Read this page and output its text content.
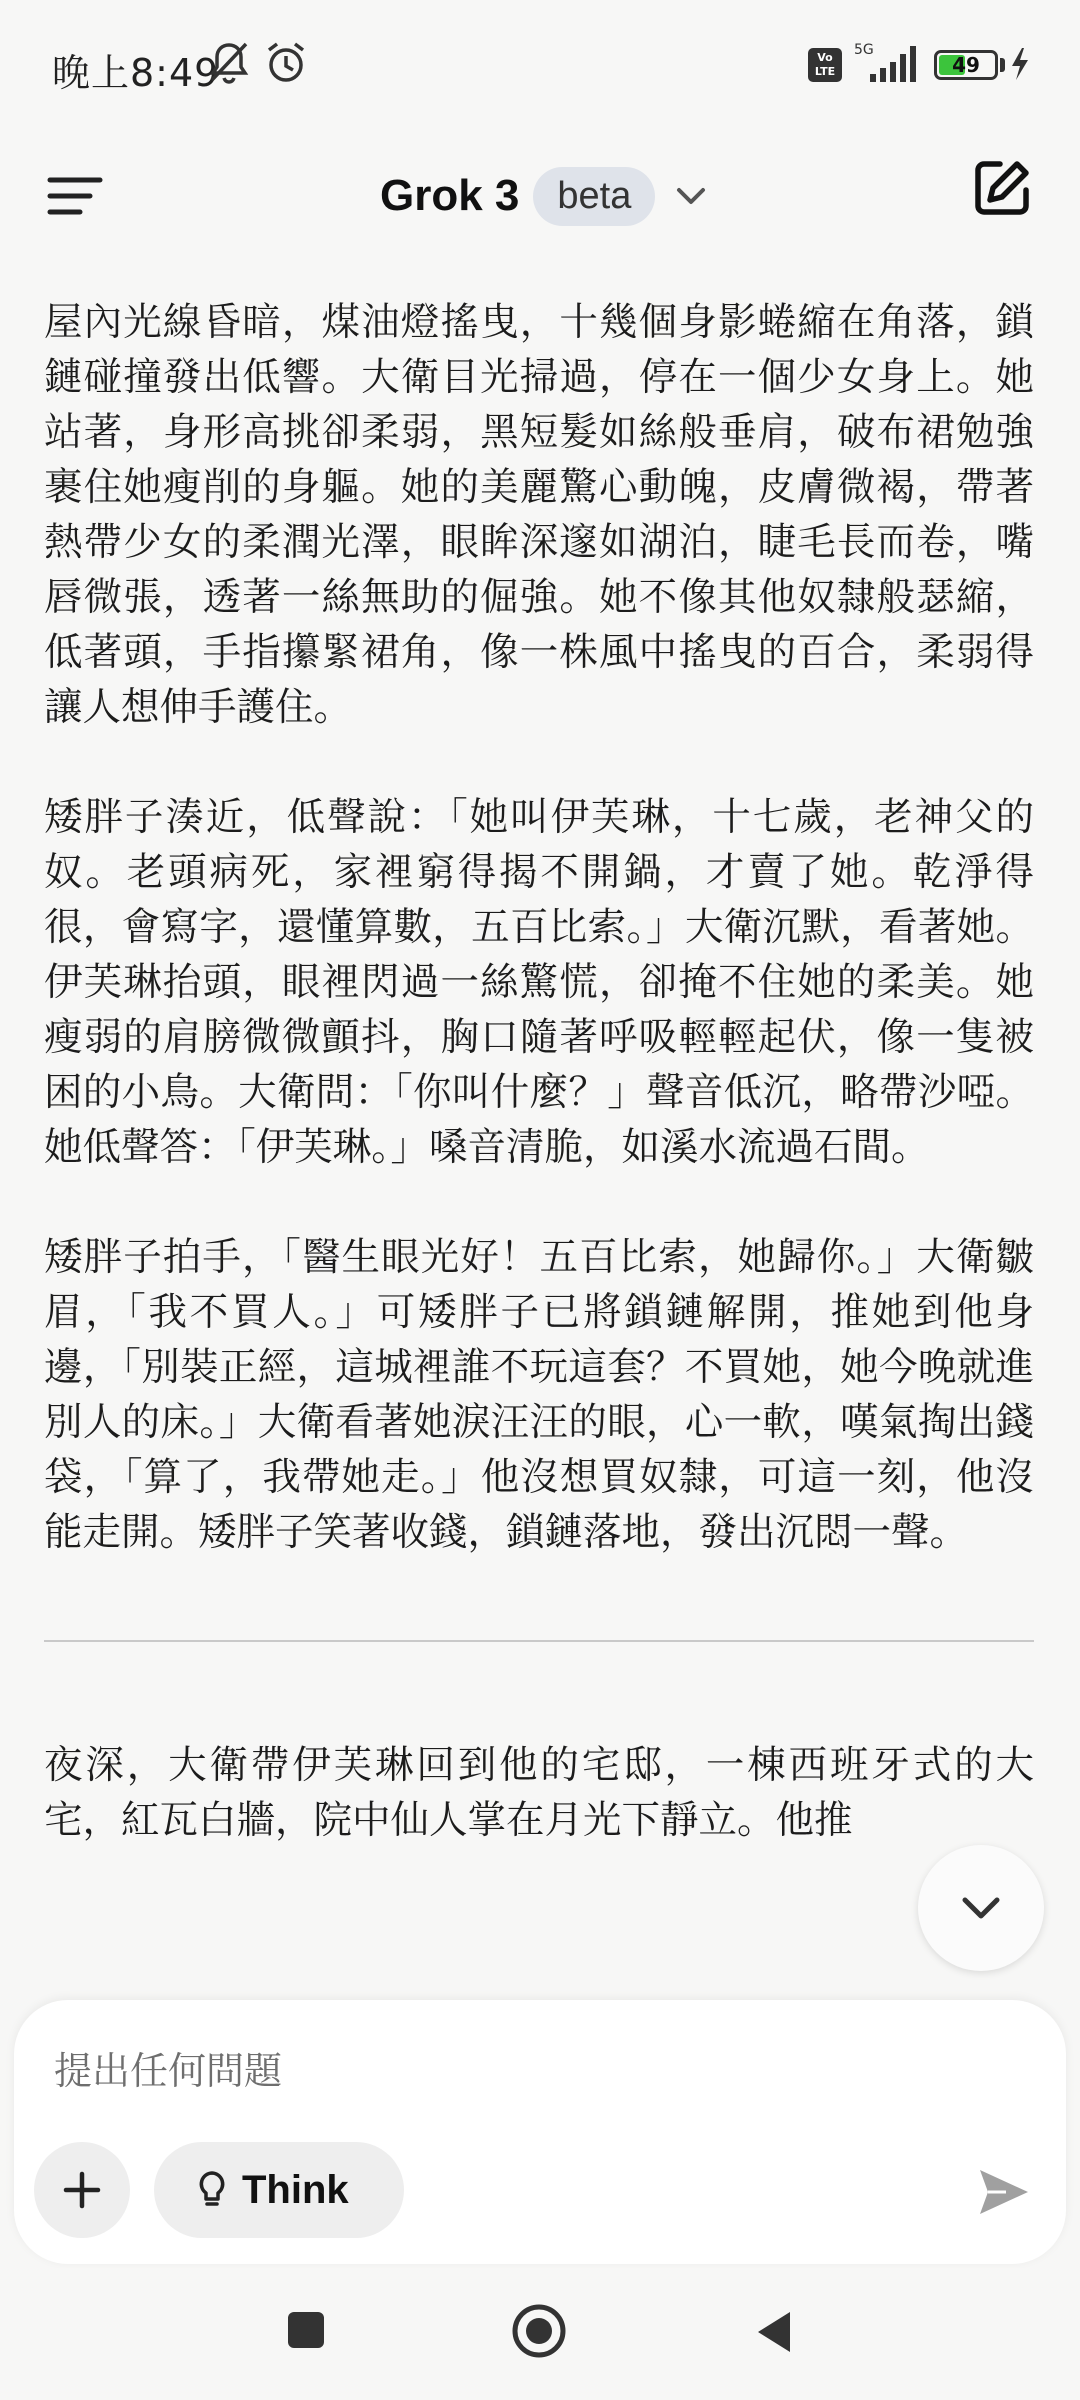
晚上8:49	Vo LTE
5G
49
Grok 3	beta

屋內光線昏暗，煤油燈搖曳，十幾個身影蜷縮在角落，鎖鏈碰撞發出低響。大衛目光掃過，停在一個少女身上。她站著，身形高挑卻柔弱，黑短髮如絲般垂肩，破布裙勉強裹住她瘦削的身軀。她的美麗驚心動魄，皮膚微褐，帶著熱帶少女的柔潤光澤，眼眸深邃如湖泊，睫毛長而卷，嘴唇微張，透著一絲無助的倔強。她不像其他奴隸般瑟縮，低著頭，手指攥緊裙角，像一株風中搖曳的百合，柔弱得讓人想伸手護住。

矮胖子湊近，低聲說：「她叫伊芙琳，十七歲，老神父的奴。老頭病死，家裡窮得揭不開鍋，才賣了她。乾淨得很，會寫字，還懂算數，五百比索。」大衛沉默，看著她。伊芙琳抬頭，眼裡閃過一絲驚慌，卻掩不住她的柔美。她瘦弱的肩膀微微顫抖，胸口隨著呼吸輕輕起伏，像一隻被困的小鳥。大衛問：「你叫什麼？」聲音低沉，略帶沙啞。她低聲答：「伊芙琳。」嗓音清脆，如溪水流過石間。

矮胖子拍手，「醫生眼光好！五百比索，她歸你。」大衛皺眉，「我不買人。」可矮胖子已將鎖鏈解開，推她到他身邊，「別裝正經，這城裡誰不玩這套？不買她，她今晚就進別人的床。」大衛看著她淚汪汪的眼，心一軟，嘆氣掏出錢袋，「算了，我帶她走。」他沒想買奴隸，可這一刻，他沒能走開。矮胖子笑著收錢，鎖鏈落地，發出沉悶一聲。

夜深，大衛帶伊芙琳回到他的宅邸，一棟西班牙式的大宅，紅瓦白牆，院中仙人掌在月光下靜立。他推

提出任何問題
Think
